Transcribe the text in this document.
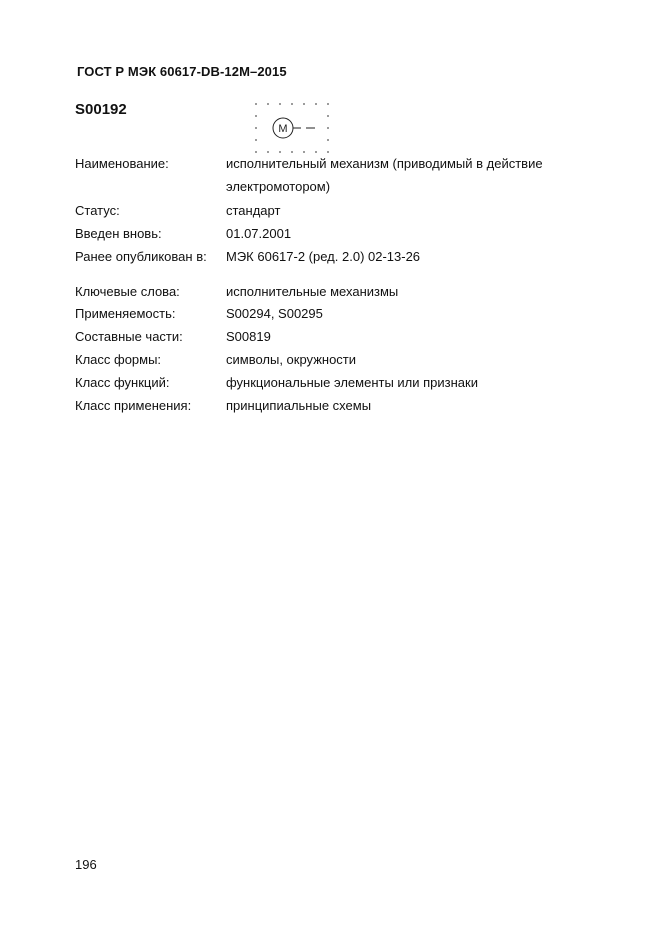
ГОСТ Р МЭК 60617-DB-12M–2015
S00192
M
Наименование:	исполнительный механизм (приводимый в действие электромотором)
Статус:	стандарт
Введен вновь:	01.07.2001
Ранее опубликован в: МЭК 60617-2 (ред. 2.0) 02-13-26
Ключевые слова:	исполнительные механизмы
Применяемость:	S00294, S00295
Составные части:	S00819
Класс формы:	символы, окружности
Класс функций:	функциональные элементы или признаки
Класс применения:	принципиальные схемы
196
